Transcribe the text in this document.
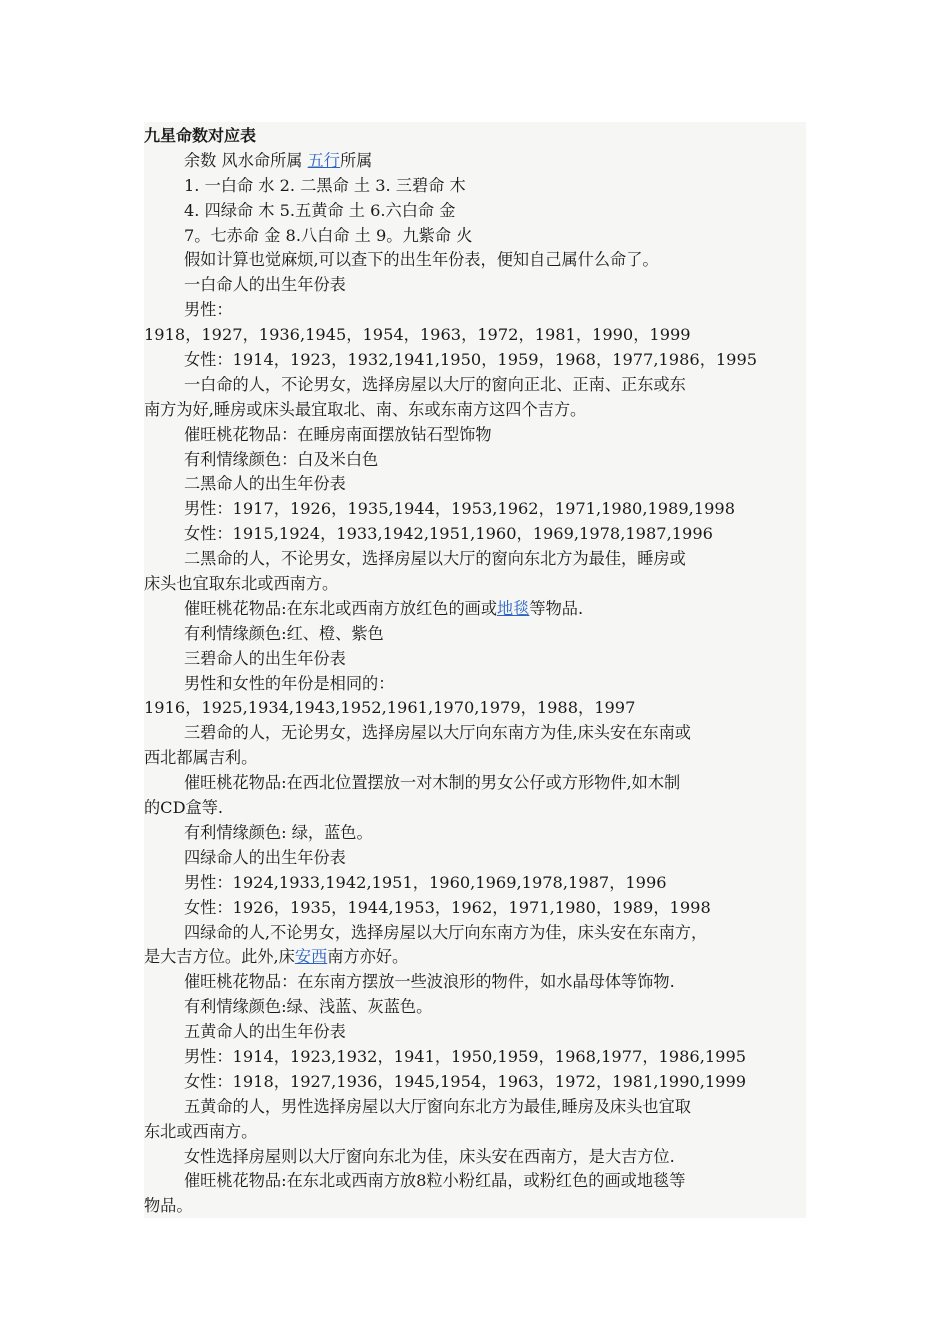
九星命数对应表
余数 风水命所属 五行所属
1. 一白命 水 2. 二黑命 土 3. 三碧命 木
4. 四绿命 木 5.五黄命 土 6.六白命 金
7。七赤命 金 8.八白命 土 9。九紫命 火
假如计算也觉麻烦,可以查下的出生年份表，便知自己属什么命了。
一白命人的出生年份表
男性：
1918，1927，1936,1945，1954，1963，1972，1981，1990，1999
女性：1914，1923，1932,1941,1950，1959，1968，1977,1986，1995
一白命的人，不论男女，选择房屋以大厅的窗向正北、正南、正东或东
南方为好,睡房或床头最宜取北、南、东或东南方这四个吉方。
催旺桃花物品：在睡房南面摆放钻石型饰物
有利情缘颜色：白及米白色
二黑命人的出生年份表
男性：1917，1926，1935,1944，1953,1962，1971,1980,1989,1998
女性：1915,1924，1933,1942,1951,1960，1969,1978,1987,1996
二黑命的人，不论男女，选择房屋以大厅的窗向东北方为最佳，睡房或
床头也宜取东北或西南方。
催旺桃花物品:在东北或西南方放红色的画或地毯等物品.
有利情缘颜色:红、橙、紫色
三碧命人的出生年份表
男性和女性的年份是相同的：
1916，1925,1934,1943,1952,1961,1970,1979，1988，1997
三碧命的人，无论男女，选择房屋以大厅向东南方为佳,床头安在东南或
西北都属吉利。
催旺桃花物品:在西北位置摆放一对木制的男女公仔或方形物件,如木制
的CD盒等.
有利情缘颜色: 绿，蓝色。
四绿命人的出生年份表
男性：1924,1933,1942,1951，1960,1969,1978,1987，1996
女性：1926，1935，1944,1953，1962，1971,1980，1989，1998
四绿命的人,不论男女，选择房屋以大厅向东南方为佳，床头安在东南方，
是大吉方位。此外,床安西南方亦好。
催旺桃花物品：在东南方摆放一些波浪形的物件，如水晶母体等饰物.
有利情缘颜色:绿、浅蓝、灰蓝色。
五黄命人的出生年份表
男性：1914，1923,1932，1941，1950,1959，1968,1977，1986,1995
女性：1918，1927,1936，1945,1954，1963，1972，1981,1990,1999
五黄命的人，男性选择房屋以大厅窗向东北方为最佳,睡房及床头也宜取
东北或西南方。
女性选择房屋则以大厅窗向东北为佳，床头安在西南方，是大吉方位.
催旺桃花物品:在东北或西南方放8粒小粉红晶，或粉红色的画或地毯等
物品。
